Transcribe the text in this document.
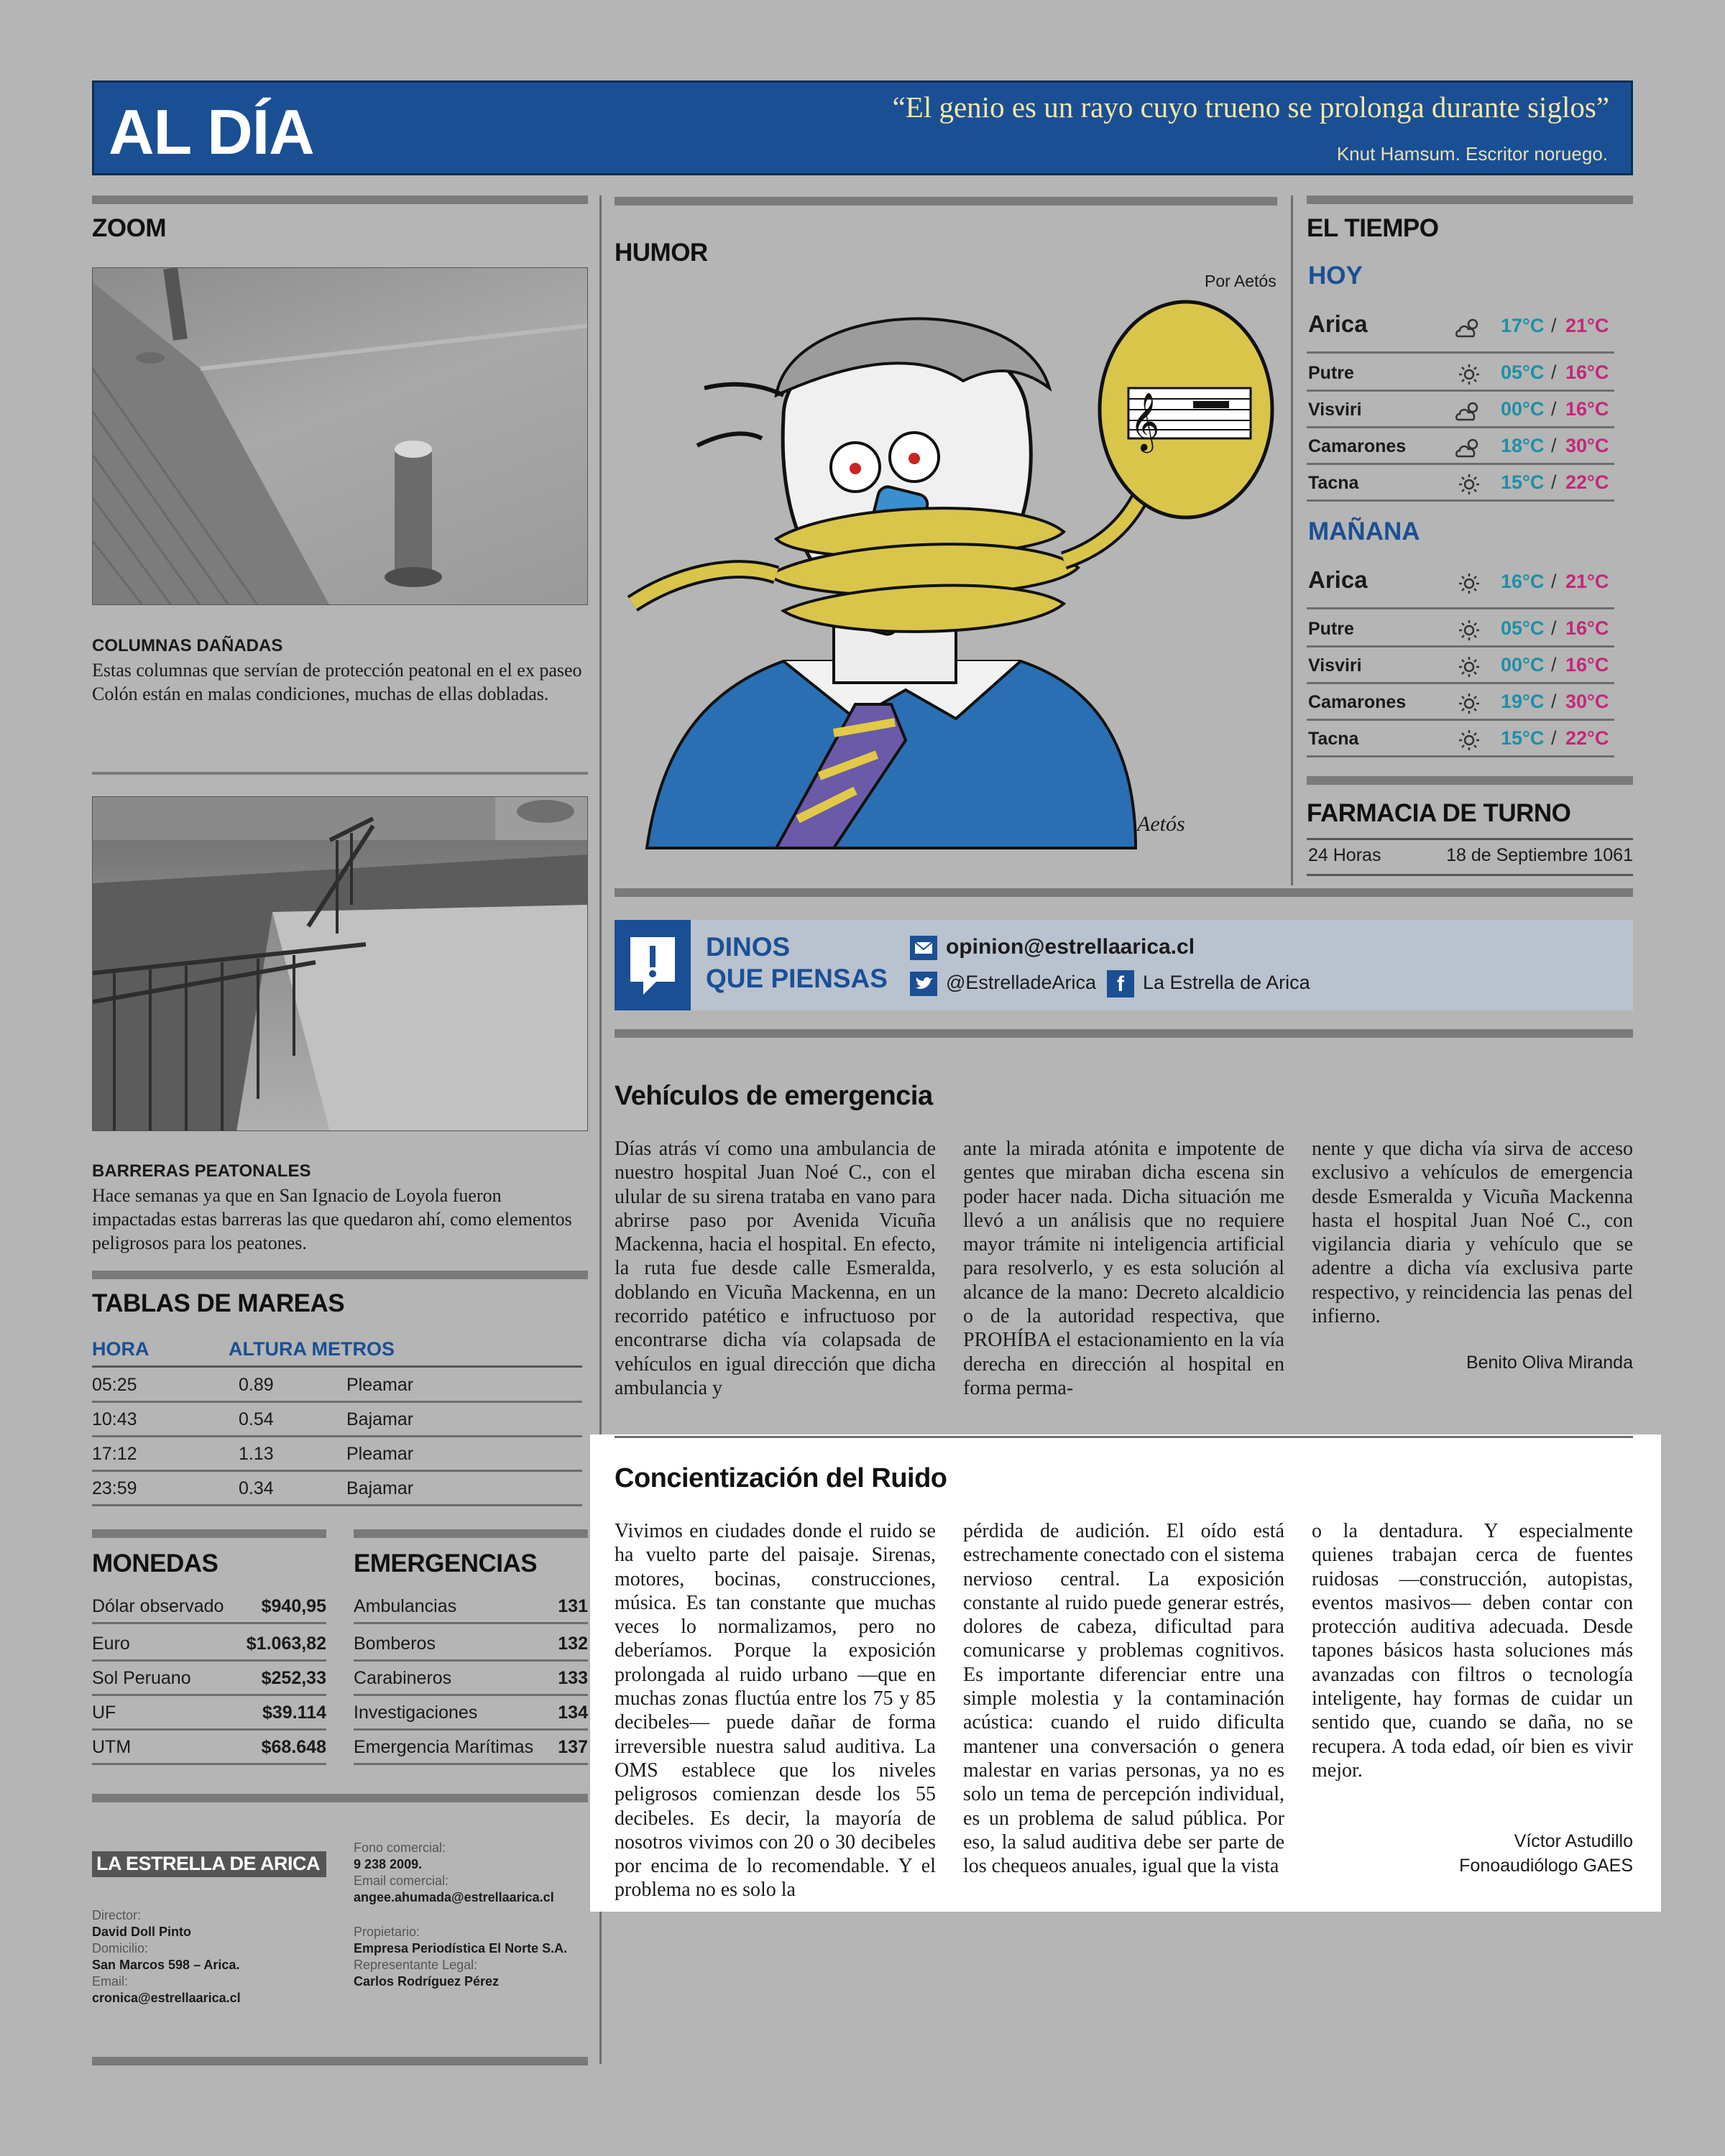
AL DÍA	“El genio es un rayo cuyo trueno se prolonga durante siglos”
Knut Hamsum. Escritor noruego.
ZOOM
COLUMNAS DAÑADAS
Estas columnas que servían de protección peatonal en el ex paseo Colón están en malas condiciones, muchas de ellas dobladas.
BARRERAS PEATONALES
Hace semanas ya que en San Ignacio de Loyola fueron impactadas estas barreras las que quedaron ahí, como elementos peligrosos para los peatones.
TABLAS DE MAREAS
HORA	ALTURA METROS
05:25	0.89	Pleamar
10:43	0.54	Bajamar
17:12	1.13	Pleamar
23:59	0.34	Bajamar
MONEDAS
Dólar observado $940,95
Euro	$1.063,82
Sol Peruano	$252,33
UF	$39.114
UTM	$68.648
EMERGENCIAS
Ambulancias	131
Bomberos	132
Carabineros	133
Investigaciones	134
Emergencia Marítimas 137
LA ESTRELLA DE ARICA
Director:
David Doll Pinto
Domicilio:
San Marcos 598 – Arica.
Email:
cronica@estrellaarica.cl
Fono comercial:
9 238 2009.
Email comercial:
angee.ahumada@estrellaarica.cl
Propietario:
Empresa Periodística El Norte S.A.
Representante Legal:
Carlos Rodríguez Pérez
HUMOR
Por Aetós
𝄞
Aetós
DINOS
QUE PIENSAS
opinion@estrellaarica.cl
@EstrelladeArica f La Estrella de Arica
EL TIEMPO
HOY
Arica	17°C / 21°C
Putre	05°C / 16°C
Visviri	00°C / 16°C
Camarones	18°C / 30°C
Tacna	15°C / 22°C
MAÑANA
Arica	16°C / 21°C
Putre	05°C / 16°C
Visviri	00°C / 16°C
Camarones	19°C / 30°C
Tacna	15°C / 22°C
FARMACIA DE TURNO
24 Horas	18 de Septiembre 1061
Vehículos de emergencia
Días atrás ví como una ambulancia de nuestro hospital Juan Noé C., con el ulular de su sirena trataba en vano para abrirse paso por Avenida Vicuña Mackenna, hacia el hospital. En efecto, la ruta fue desde calle Esmeralda, doblando en Vicuña Mackenna, en un recorrido patético e infructuoso por encontrarse dicha vía colapsada de vehículos en igual dirección que dicha ambulancia y
ante la mirada atónita e impotente de gentes que miraban dicha escena sin poder hacer nada. Dicha situación me llevó a un análisis que no requiere mayor trámite ni inteligencia artificial para resolverlo, y es esta solución al alcance de la mano: Decreto alcaldicio o de la autoridad respectiva, que PROHÍBA el estacionamiento en la vía derecha en dirección al hospital en forma perma-
nente y que dicha vía sirva de acceso exclusivo a vehículos de emergencia desde Esmeralda y Vicuña Mackenna hasta el hospital Juan Noé C., con vigilancia diaria y vehículo que se adentre a dicha vía exclusiva parte respectivo, y reincidencia las penas del infierno.
Benito Oliva Miranda
Concientización del Ruido
Vivimos en ciudades donde el ruido se ha vuelto parte del paisaje. Sirenas, motores, bocinas, construcciones, música. Es tan constante que muchas veces lo normalizamos, pero no deberíamos. Porque la exposición prolongada al ruido urbano —que en muchas zonas fluctúa entre los 75 y 85 decibeles— puede dañar de forma irreversible nuestra salud auditiva. La OMS establece que los niveles peligrosos comienzan desde los 55 decibeles. Es decir, la mayoría de nosotros vivimos con 20 o 30 decibeles por encima de lo recomendable. Y el problema no es solo la
pérdida de audición. El oído está estrechamente conectado con el sistema nervioso central. La exposición constante al ruido puede generar estrés, dolores de cabeza, dificultad para comunicarse y problemas cognitivos. Es importante diferenciar entre una simple molestia y la contaminación acústica: cuando el ruido dificulta mantener una conversación o genera malestar en varias personas, ya no es solo un tema de percepción individual, es un problema de salud pública. Por eso, la salud auditiva debe ser parte de los chequeos anuales, igual que la vista
o la dentadura. Y especialmente quienes trabajan cerca de fuentes ruidosas —construcción, autopistas, eventos masivos— deben contar con protección auditiva adecuada. Desde tapones básicos hasta soluciones más avanzadas con filtros o tecnología inteligente, hay formas de cuidar un sentido que, cuando se daña, no se recupera. A toda edad, oír bien es vivir mejor.
Víctor Astudillo
Fonoaudiólogo GAES
